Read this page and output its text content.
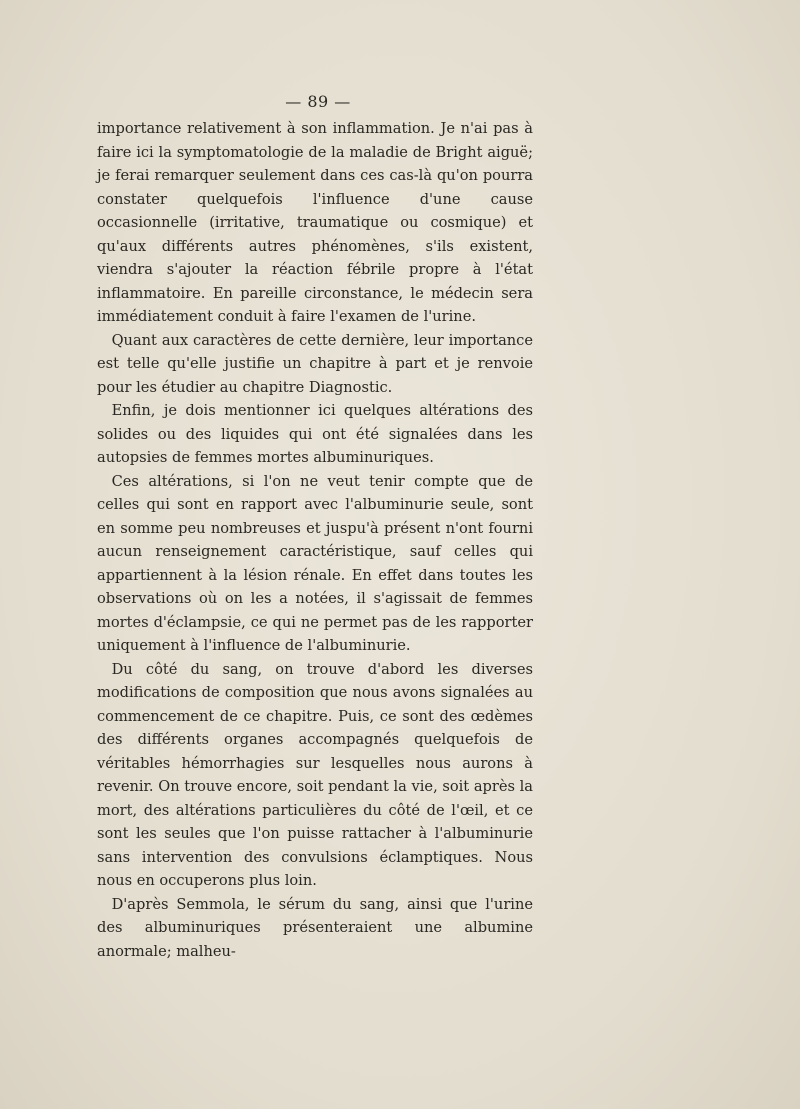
— 89 —

importance relativement à son inflammation. Je n'ai pas à faire ici la symptomatologie de la maladie de Bright aiguë; je ferai remarquer seulement dans ces cas-là qu'on pourra constater quelquefois l'influence d'une cause occasionnelle (irritative, traumatique ou cosmique) et qu'aux différents autres phénomènes, s'ils existent, viendra s'ajouter la réaction fébrile propre à l'état inflammatoire. En pareille circonstance, le médecin sera immédiatement conduit à faire l'examen de l'urine.

Quant aux caractères de cette dernière, leur importance est telle qu'elle justifie un chapitre à part et je renvoie pour les étudier au chapitre Diagnostic.

Enfin, je dois mentionner ici quelques altérations des solides ou des liquides qui ont été signalées dans les autopsies de femmes mortes albuminuriques.

Ces altérations, si l'on ne veut tenir compte que de celles qui sont en rapport avec l'albuminurie seule, sont en somme peu nombreuses et juspu'à présent n'ont fourni aucun renseignement caractéristique, sauf celles qui appartiennent à la lésion rénale. En effet dans toutes les observations où on les a notées, il s'agissait de femmes mortes d'éclampsie, ce qui ne permet pas de les rapporter uniquement à l'influence de l'albuminurie.

Du côté du sang, on trouve d'abord les diverses modifications de composition que nous avons signalées au commencement de ce chapitre. Puis, ce sont des œdèmes des différents organes accompagnés quelquefois de véritables hémorrhagies sur lesquelles nous aurons à revenir. On trouve encore, soit pendant la vie, soit après la mort, des altérations particulières du côté de l'œil, et ce sont les seules que l'on puisse rattacher à l'albuminurie sans intervention des convulsions éclamptiques. Nous nous en occuperons plus loin.

D'après Semmola, le sérum du sang, ainsi que l'urine des albuminuriques présenteraient une albumine anormale; malheu-
